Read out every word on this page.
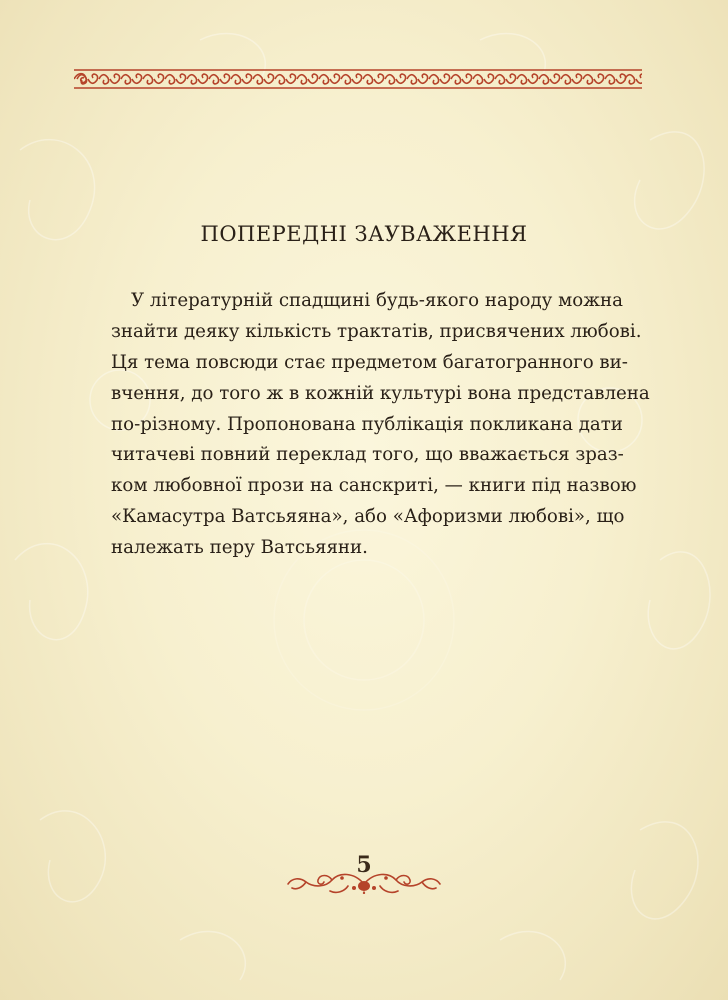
ПОПЕРЕДНІ ЗАУВАЖЕННЯ
У літературній спадщині будь-якого народу можна
знайти деяку кількість трактатів, присвячених любові.
Ця тема повсюди стає предметом багатогранного ви-
вчення, до того ж в кожній культурі вона представлена
по-різному. Пропонована публікація покликана дати
читачеві повний переклад того, що вважається зраз-
ком любовної прози на санскриті, — книги під назвою
«Камасутра Ватсьяяна», або «Афоризми любові», що
належать перу Ватсьяяни.
5
